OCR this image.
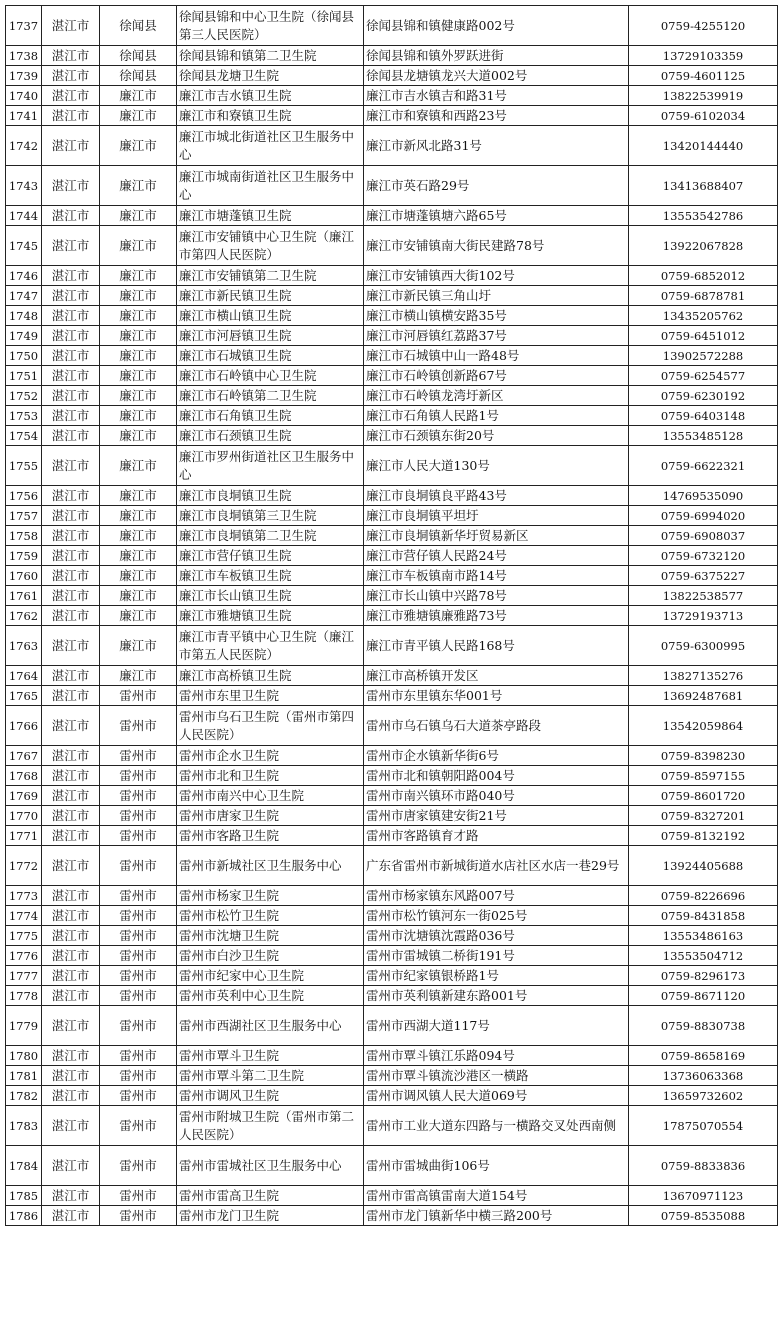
1737	湛江市	徐闻县	徐闻县锦和中心卫生院（徐闻县第三人民医院）	徐闻县锦和镇健康路002号	0759-4255120
1738	湛江市	徐闻县	徐闻县锦和镇第二卫生院	徐闻县锦和镇外罗跃进街	13729103359
1739	湛江市	徐闻县	徐闻县龙塘卫生院	徐闻县龙塘镇龙兴大道002号	0759-4601125
1740	湛江市	廉江市	廉江市吉水镇卫生院	廉江市吉水镇吉和路31号	13822539919
1741	湛江市	廉江市	廉江市和寮镇卫生院	廉江市和寮镇和西路23号	0759-6102034
1742	湛江市	廉江市	廉江市城北街道社区卫生服务中心	廉江市新风北路31号	13420144440
1743	湛江市	廉江市	廉江市城南街道社区卫生服务中心	廉江市英石路29号	13413688407
1744	湛江市	廉江市	廉江市塘蓬镇卫生院	廉江市塘蓬镇塘六路65号	13553542786
1745	湛江市	廉江市	廉江市安铺镇中心卫生院（廉江市第四人民医院）	廉江市安铺镇南大街民建路78号	13922067828
1746	湛江市	廉江市	廉江市安铺镇第二卫生院	廉江市安铺镇西大街102号	0759-6852012
1747	湛江市	廉江市	廉江市新民镇卫生院	廉江市新民镇三角山圩	0759-6878781
1748	湛江市	廉江市	廉江市横山镇卫生院	廉江市横山镇横安路35号	13435205762
1749	湛江市	廉江市	廉江市河唇镇卫生院	廉江市河唇镇红荔路37号	0759-6451012
1750	湛江市	廉江市	廉江市石城镇卫生院	廉江市石城镇中山一路48号	13902572288
1751	湛江市	廉江市	廉江市石岭镇中心卫生院	廉江市石岭镇创新路67号	0759-6254577
1752	湛江市	廉江市	廉江市石岭镇第二卫生院	廉江市石岭镇龙湾圩新区	0759-6230192
1753	湛江市	廉江市	廉江市石角镇卫生院	廉江市石角镇人民路1号	0759-6403148
1754	湛江市	廉江市	廉江市石颈镇卫生院	廉江市石颈镇东街20号	13553485128
1755	湛江市	廉江市	廉江市罗州街道社区卫生服务中心	廉江市人民大道130号	0759-6622321
1756	湛江市	廉江市	廉江市良垌镇卫生院	廉江市良垌镇良平路43号	14769535090
1757	湛江市	廉江市	廉江市良垌镇第三卫生院	廉江市良垌镇平坦圩	0759-6994020
1758	湛江市	廉江市	廉江市良垌镇第二卫生院	廉江市良垌镇新华圩贸易新区	0759-6908037
1759	湛江市	廉江市	廉江市营仔镇卫生院	廉江市营仔镇人民路24号	0759-6732120
1760	湛江市	廉江市	廉江市车板镇卫生院	廉江市车板镇南市路14号	0759-6375227
1761	湛江市	廉江市	廉江市长山镇卫生院	廉江市长山镇中兴路78号	13822538577
1762	湛江市	廉江市	廉江市雅塘镇卫生院	廉江市雅塘镇廉雅路73号	13729193713
1763	湛江市	廉江市	廉江市青平镇中心卫生院（廉江市第五人民医院）	廉江市青平镇人民路168号	0759-6300995
1764	湛江市	廉江市	廉江市高桥镇卫生院	廉江市高桥镇开发区	13827135276
1765	湛江市	雷州市	雷州市东里卫生院	雷州市东里镇东华001号	13692487681
1766	湛江市	雷州市	雷州市乌石卫生院（雷州市第四人民医院）	雷州市乌石镇乌石大道茶亭路段	13542059864
1767	湛江市	雷州市	雷州市企水卫生院	雷州市企水镇新华街6号	0759-8398230
1768	湛江市	雷州市	雷州市北和卫生院	雷州市北和镇朝阳路004号	0759-8597155
1769	湛江市	雷州市	雷州市南兴中心卫生院	雷州市南兴镇环市路040号	0759-8601720
1770	湛江市	雷州市	雷州市唐家卫生院	雷州市唐家镇建安街21号	0759-8327201
1771	湛江市	雷州市	雷州市客路卫生院	雷州市客路镇育才路	0759-8132192
1772	湛江市	雷州市	雷州市新城社区卫生服务中心	广东省雷州市新城街道水店社区水店一巷29号	13924405688
1773	湛江市	雷州市	雷州市杨家卫生院	雷州市杨家镇东风路007号	0759-8226696
1774	湛江市	雷州市	雷州市松竹卫生院	雷州市松竹镇河东一街025号	0759-8431858
1775	湛江市	雷州市	雷州市沈塘卫生院	雷州市沈塘镇沈霞路036号	13553486163
1776	湛江市	雷州市	雷州市白沙卫生院	雷州市雷城镇二桥街191号	13553504712
1777	湛江市	雷州市	雷州市纪家中心卫生院	雷州市纪家镇银桥路1号	0759-8296173
1778	湛江市	雷州市	雷州市英利中心卫生院	雷州市英利镇新建东路001号	0759-8671120
1779	湛江市	雷州市	雷州市西湖社区卫生服务中心	雷州市西湖大道117号	0759-8830738
1780	湛江市	雷州市	雷州市覃斗卫生院	雷州市覃斗镇江乐路094号	0759-8658169
1781	湛江市	雷州市	雷州市覃斗第二卫生院	雷州市覃斗镇流沙港区一横路	13736063368
1782	湛江市	雷州市	雷州市调风卫生院	雷州市调风镇人民大道069号	13659732602
1783	湛江市	雷州市	雷州市附城卫生院（雷州市第二人民医院）	雷州市工业大道东四路与一横路交叉处西南侧	17875070554
1784	湛江市	雷州市	雷州市雷城社区卫生服务中心	雷州市雷城曲街106号	0759-8833836
1785	湛江市	雷州市	雷州市雷高卫生院	雷州市雷高镇雷南大道154号	13670971123
1786	湛江市	雷州市	雷州市龙门卫生院	雷州市龙门镇新华中横三路200号	0759-8535088
